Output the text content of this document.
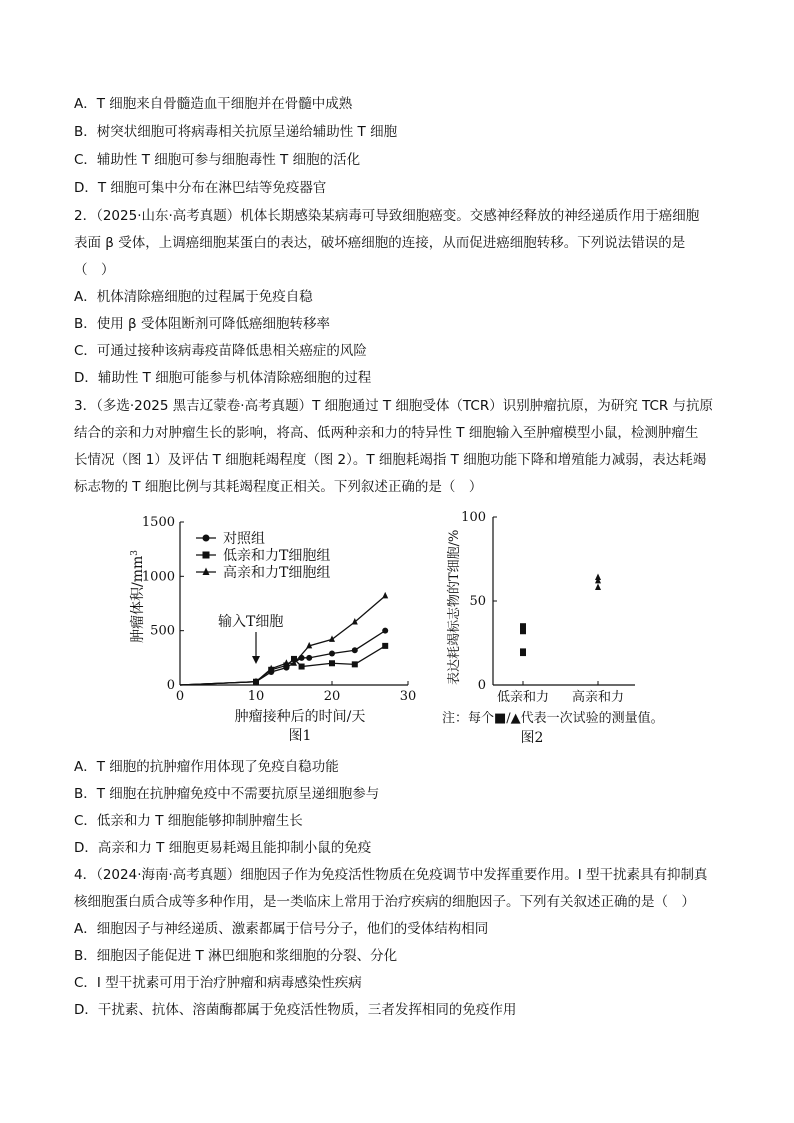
A．T 细胞来自骨髓造血干细胞并在骨髓中成熟
B．树突状细胞可将病毒相关抗原呈递给辅助性 T 细胞
C．辅助性 T 细胞可参与细胞毒性 T 细胞的活化
D．T 细胞可集中分布在淋巴结等免疫器官
2．（2025·山东·高考真题）机体长期感染某病毒可导致细胞癌变。交感神经释放的神经递质作用于癌细胞
表面 β 受体，上调癌细胞某蛋白的表达，破坏癌细胞的连接，从而促进癌细胞转移。下列说法错误的是
（　）
A．机体清除癌细胞的过程属于免疫自稳
B．使用 β 受体阻断剂可降低癌细胞转移率
C．可通过接种该病毒疫苗降低患相关癌症的风险
D．辅助性 T 细胞可能参与机体清除癌细胞的过程
3．（多选·2025 黑吉辽蒙卷·高考真题）T 细胞通过 T 细胞受体（TCR）识别肿瘤抗原，为研究 TCR 与抗原
结合的亲和力对肿瘤生长的影响，将高、低两种亲和力的特异性 T 细胞输入至肿瘤模型小鼠，检测肿瘤生
长情况（图 1）及评估 T 细胞耗竭程度（图 2）。T 细胞耗竭指 T 细胞功能下降和增殖能力减弱，表达耗竭
标志物的 T 细胞比例与其耗竭程度正相关。下列叙述正确的是（　）
0	10	20	30
0
500
1000
1500
对照组
低亲和力T细胞组
高亲和力T细胞组
输入T细胞
肿瘤接种后的时间/天
图1
肿瘤体积$/mm^3$
0
50
100
低亲和力 高亲和力
表达耗竭标志物的T细胞/%
注：每个■/▲代表一次试验的测量值。
图2
A．T 细胞的抗肿瘤作用体现了免疫自稳功能
B．T 细胞在抗肿瘤免疫中不需要抗原呈递细胞参与
C．低亲和力 T 细胞能够抑制肿瘤生长
D．高亲和力 T 细胞更易耗竭且能抑制小鼠的免疫
4．（2024·海南·高考真题）细胞因子作为免疫活性物质在免疫调节中发挥重要作用。I 型干扰素具有抑制真
核细胞蛋白质合成等多种作用，是一类临床上常用于治疗疾病的细胞因子。下列有关叙述正确的是（　）
A．细胞因子与神经递质、激素都属于信号分子，他们的受体结构相同
B．细胞因子能促进 T 淋巴细胞和浆细胞的分裂、分化
C．I 型干扰素可用于治疗肿瘤和病毒感染性疾病
D．干扰素、抗体、溶菌酶都属于免疫活性物质，三者发挥相同的免疫作用
